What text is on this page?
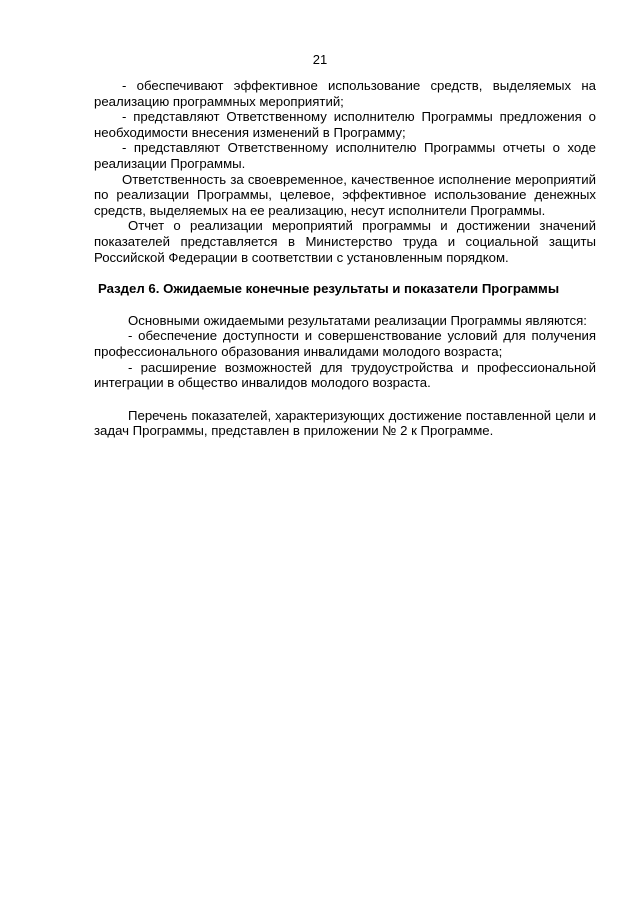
21

- обеспечивают эффективное использование средств, выделяемых на реализацию программных мероприятий;

- представляют Ответственному исполнителю Программы предложения о необходимости внесения изменений в Программу;

- представляют Ответственному исполнителю Программы отчеты о ходе реализации Программы.

Ответственность за своевременное, качественное исполнение мероприятий по реализации Программы, целевое, эффективное использование денежных средств, выделяемых на ее реализацию, несут исполнители Программы.

Отчет о реализации мероприятий программы и достижении значений показателей представляется в Министерство труда и социальной защиты Российской Федерации в соответствии с установленным порядком.

Раздел 6. Ожидаемые конечные результаты и показатели Программы

Основными ожидаемыми результатами реализации Программы являются:

- обеспечение доступности и совершенствование условий для получения профессионального образования инвалидами молодого возраста;

- расширение возможностей для трудоустройства и профессиональной интеграции в общество инвалидов молодого возраста.

Перечень показателей, характеризующих достижение поставленной цели и задач Программы, представлен в приложении № 2 к Программе.
